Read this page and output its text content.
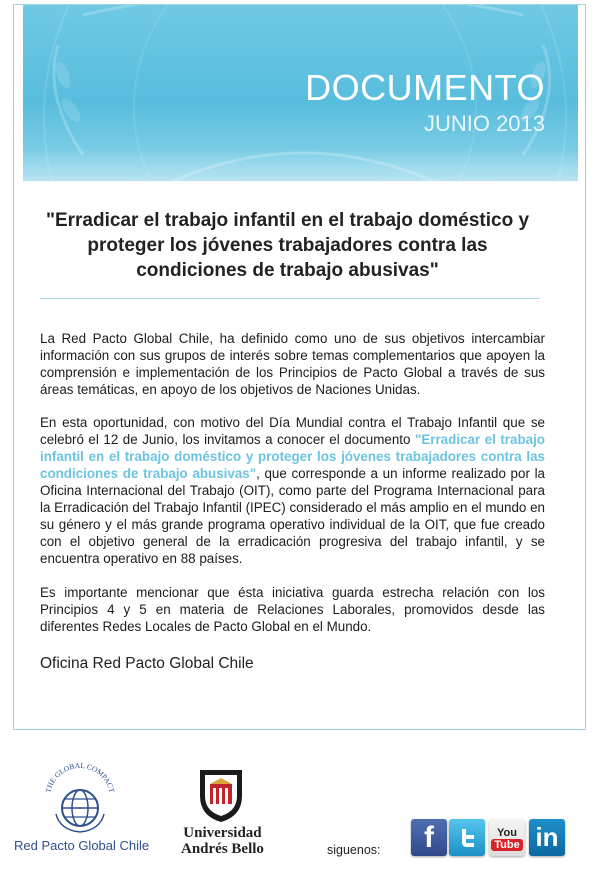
DOCUMENTO
JUNIO 2013
"Erradicar el trabajo infantil en el trabajo doméstico y proteger los jóvenes trabajadores contra las condiciones de trabajo abusivas"
La Red Pacto Global Chile, ha definido como uno de sus objetivos intercambiar información con sus grupos de interés sobre temas complementarios que apoyen la comprensión e implementación de los Principios de Pacto Global a través de sus áreas temáticas, en apoyo de los objetivos de Naciones Unidas.
En esta oportunidad, con motivo del Día Mundial contra el Trabajo Infantil que se celebró el 12 de Junio, los invitamos a conocer el documento "Erradicar el trabajo infantil en el trabajo doméstico y proteger los jóvenes trabajadores contra las condiciones de trabajo abusivas", que corresponde a un informe realizado por la Oficina Internacional del Trabajo (OIT), como parte del Programa Internacional para la Erradicación del Trabajo Infantil (IPEC) considerado el más amplio en el mundo en su género y el más grande programa operativo individual de la OIT, que fue creado con el objetivo general de la erradicación progresiva del trabajo infantil, y se encuentra operativo en 88 países.
Es importante mencionar que ésta iniciativa guarda estrecha relación con los Principios 4 y 5 en materia de Relaciones Laborales, promovidos desde las diferentes Redes Locales de Pacto Global en el Mundo.
Oficina Red Pacto Global Chile
THE GLOBAL COMPACT
Red Pacto Global Chile
Universidad
Andrés Bello	siguenos: f	You
Tube in
